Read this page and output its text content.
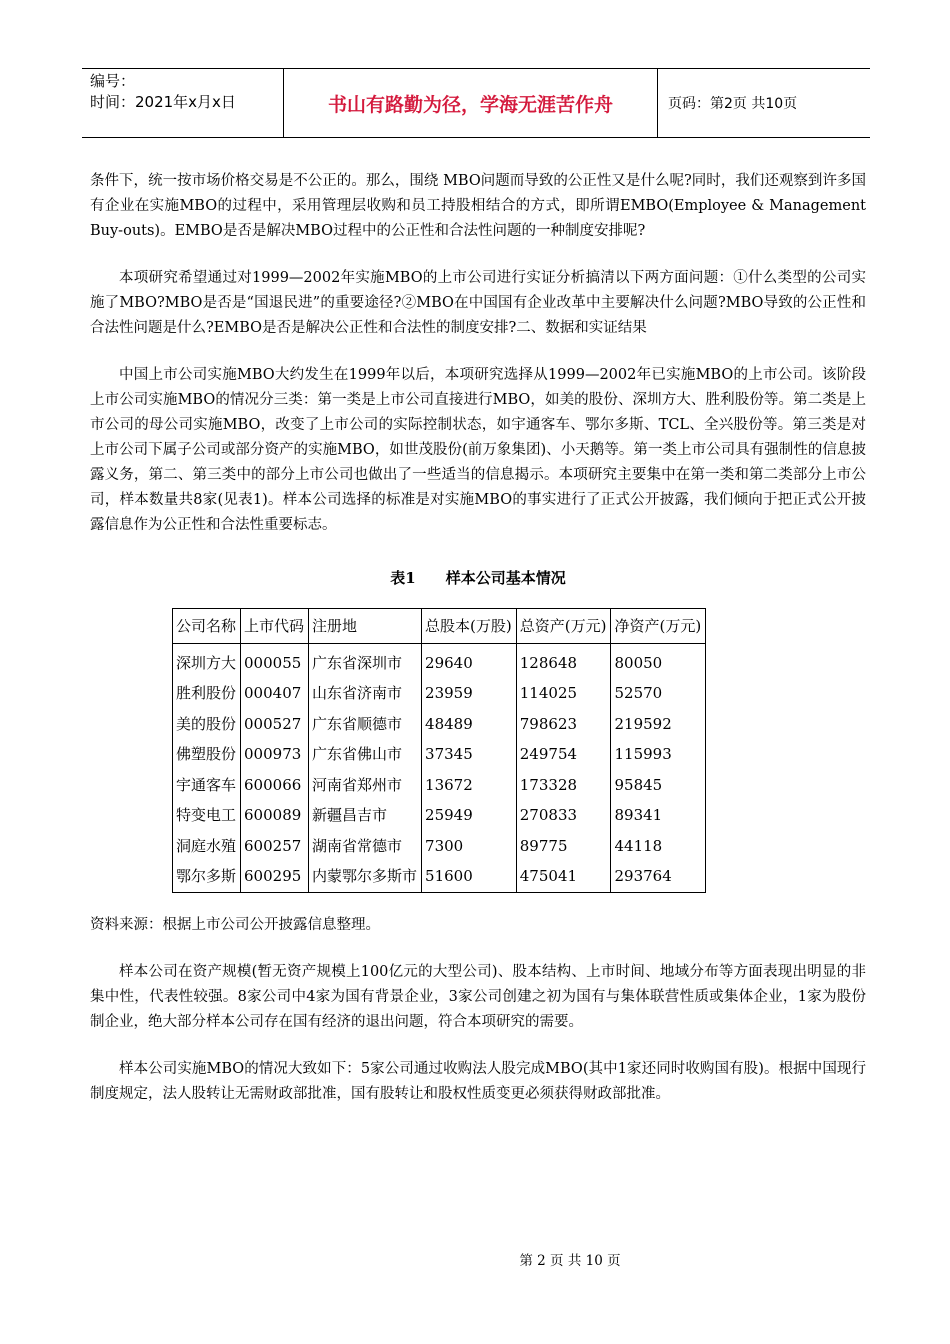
编号：
时间：2021年x月x日	书山有路勤为径，学海无涯苦作舟	页码：第2页 共10页

条件下，统一按市场价格交易是不公正的。那么，围绕 MBO问题而导致的公正性又是什么呢?同时，我们还观察到许多国有企业在实施MBO的过程中，采用管理层收购和员工持股相结合的方式，即所谓EMBO(Employee & Management Buy-outs)。EMBO是否是解决MBO过程中的公正性和合法性问题的一种制度安排呢?

本项研究希望通过对1999—2002年实施MBO的上市公司进行实证分析搞清以下两方面问题：①什么类型的公司实施了MBO?MBO是否是“国退民进”的重要途径?②MBO在中国国有企业改革中主要解决什么问题?MBO导致的公正性和合法性问题是什么?EMBO是否是解决公正性和合法性的制度安排?二、数据和实证结果

中国上市公司实施MBO大约发生在1999年以后，本项研究选择从1999—2002年已实施MBO的上市公司。该阶段上市公司实施MBO的情况分三类：第一类是上市公司直接进行MBO，如美的股份、深圳方大、胜利股份等。第二类是上市公司的母公司实施MBO，改变了上市公司的实际控制状态，如宇通客车、鄂尔多斯、TCL、全兴股份等。第三类是对上市公司下属子公司或部分资产的实施MBO，如世茂股份(前万象集团)、小天鹅等。第一类上市公司具有强制性的信息披露义务，第二、第三类中的部分上市公司也做出了一些适当的信息揭示。本项研究主要集中在第一类和第二类部分上市公司，样本数量共8家(见表1)。样本公司选择的标准是对实施MBO的事实进行了正式公开披露，我们倾向于把正式公开披露信息作为公正性和合法性重要标志。

表1 样本公司基本情况
公司名称	上市代码	注册地	总股本(万股)	总资产(万元)	净资产(万元)
深圳方大	000055	广东省深圳市	29640	128648	80050
胜利股份	000407	山东省济南市	23959	114025	52570
美的股份	000527	广东省顺德市	48489	798623	219592
佛塑股份	000973	广东省佛山市	37345	249754	115993
宇通客车	600066	河南省郑州市	13672	173328	95845
特变电工	600089	新疆昌吉市	25949	270833	89341
洞庭水殖	600257	湖南省常德市	7300	89775	44118
鄂尔多斯	600295	内蒙鄂尔多斯市	51600	475041	293764

资料来源：根据上市公司公开披露信息整理。

样本公司在资产规模(暂无资产规模上100亿元的大型公司)、股本结构、上市时间、地域分布等方面表现出明显的非集中性，代表性较强。8家公司中4家为国有背景企业，3家公司创建之初为国有与集体联营性质或集体企业，1家为股份制企业，绝大部分样本公司存在国有经济的退出问题，符合本项研究的需要。

样本公司实施MBO的情况大致如下：5家公司通过收购法人股完成MBO(其中1家还同时收购国有股)。根据中国现行制度规定，法人股转让无需财政部批准，国有股转让和股权性质变更必须获得财政部批准。

第 2 页 共 10 页
